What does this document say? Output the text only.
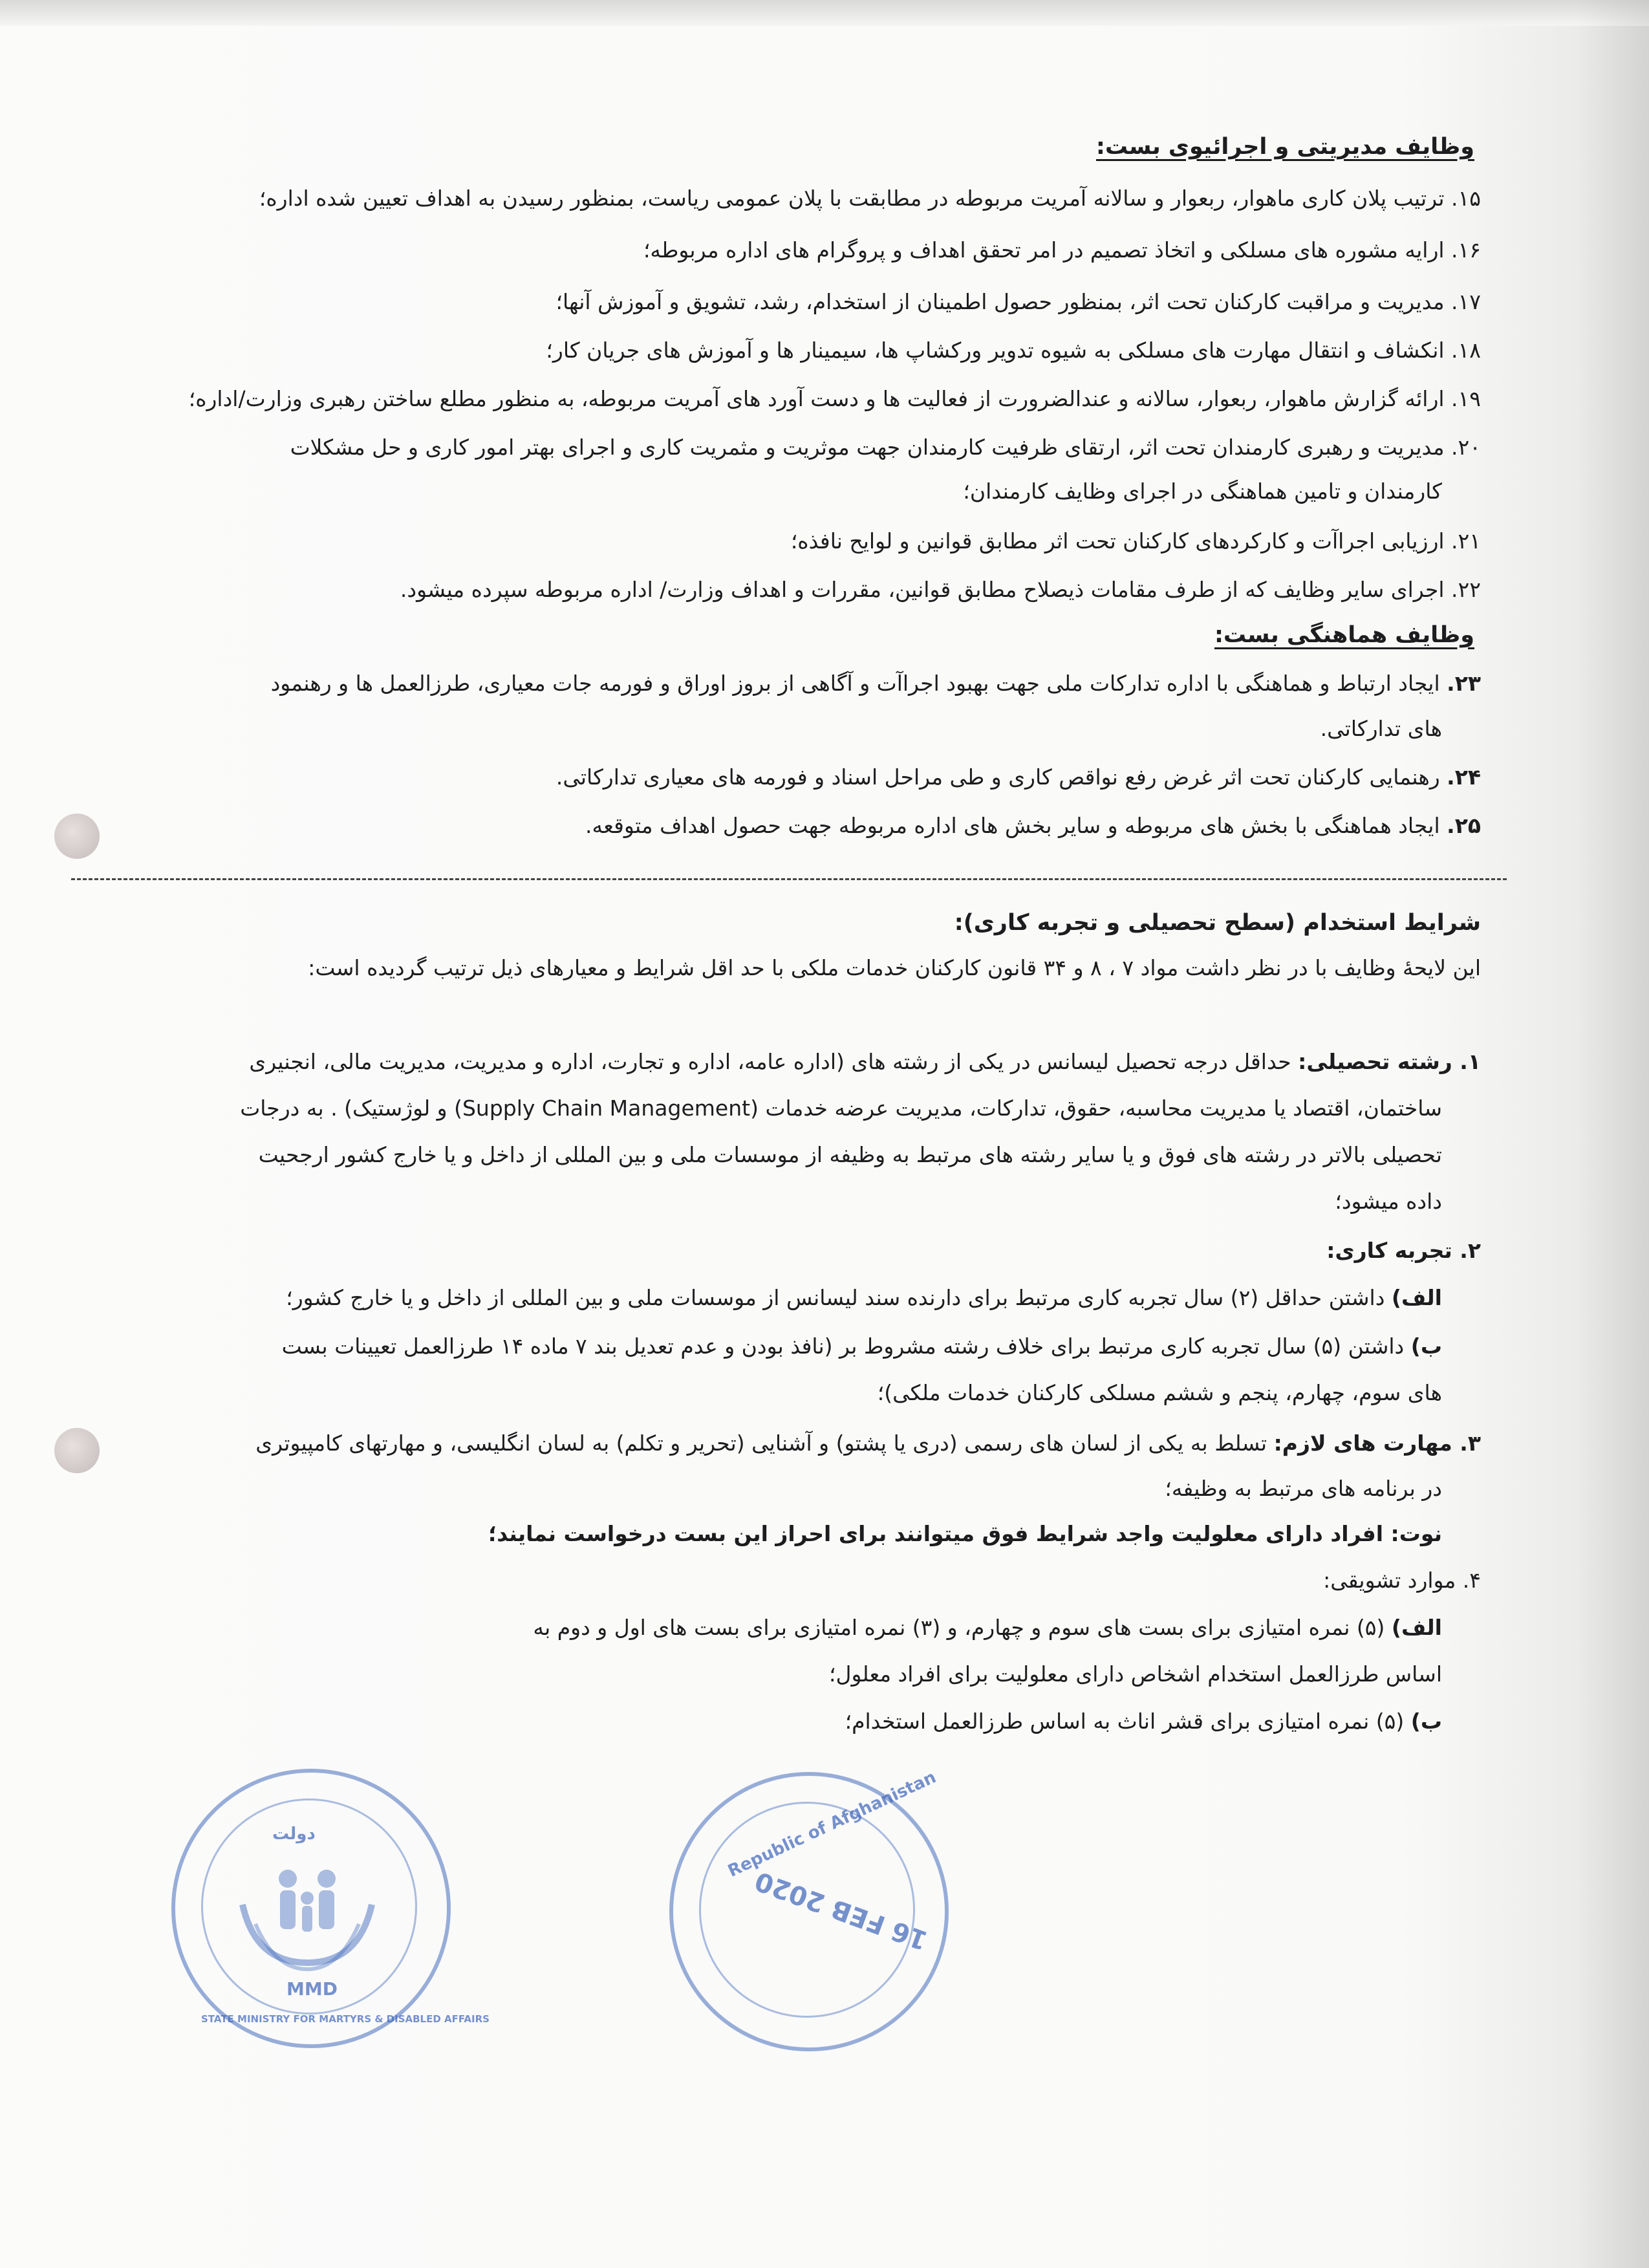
وظایف مدیریتی و اجرائیوی بست:
۱۵. ترتیب پلان کاری ماهوار، ربعوار و سالانه آمریت مربوطه در مطابقت با پلان عمومی ریاست، بمنظور رسیدن به اهداف تعیین شده اداره؛
۱۶. ارایه مشوره های مسلکی و اتخاذ تصمیم در امر تحقق اهداف و پروگرام های اداره مربوطه؛
۱۷. مدیریت و مراقبت کارکنان تحت اثر، بمنظور حصول اطمینان از استخدام، رشد، تشویق و آموزش آنها؛
۱۸. انکشاف و انتقال مهارت های مسلکی به شیوه تدویر ورکشاپ ها، سیمینار ها و آموزش های جریان کار؛
۱۹. ارائه گزارش ماهوار، ربعوار، سالانه و عندالضرورت از فعالیت ها و دست آورد های آمریت مربوطه، به منظور مطلع ساختن رهبری وزارت/اداره؛
۲۰. مدیریت و رهبری کارمندان تحت اثر، ارتقای ظرفیت کارمندان جهت موثریت و مثمریت کاری و اجرای بهتر امور کاری و حل مشکلات
کارمندان و تامین هماهنگی در اجرای وظایف کارمندان؛
۲۱. ارزیابی اجراآت و کارکردهای کارکنان تحت اثر مطابق قوانین و لوایح نافذه؛
۲۲. اجرای سایر وظایف که از طرف مقامات ذیصلاح مطابق قوانین، مقررات و اهداف وزارت/ اداره مربوطه سپرده میشود.
وظایف هماهنگی بست:
۲۳. ایجاد ارتباط و هماهنگی با اداره تدارکات ملی جهت بهبود اجراآت و آگاهی از بروز اوراق و فورمه جات معیاری، طرزالعمل ها و رهنمود
های تدارکاتی.
۲۴. رهنمایی کارکنان تحت اثر غرض رفع نواقص کاری و طی مراحل اسناد و فورمه های معیاری تدارکاتی.
۲۵. ایجاد هماهنگی با بخش های مربوطه و سایر بخش های اداره مربوطه جهت حصول اهداف متوقعه.
شرایط استخدام (سطح تحصیلی و تجربه کاری):
این لایحهٔ وظایف با در نظر داشت مواد ۷ ، ۸ و ۳۴ قانون کارکنان خدمات ملکی با حد اقل شرایط و معیارهای ذیل ترتیب گردیده است:
۱. رشته تحصیلی: حداقل درجه تحصیل لیسانس در یکی از رشته های (اداره عامه، اداره و تجارت، اداره و مدیریت، مدیریت مالی، انجنیری
ساختمان، اقتصاد یا مدیریت محاسبه، حقوق، تدارکات، مدیریت عرضه خدمات (Supply Chain Management) و لوژستیک) . به درجات
تحصیلی بالاتر در رشته های فوق و یا سایر رشته های مرتبط به وظیفه از موسسات ملی و بین المللی از داخل و یا خارج کشور ارجحیت
داده میشود؛
۲. تجربه کاری:
الف) داشتن حداقل (۲) سال تجربه کاری مرتبط برای دارنده سند لیسانس از موسسات ملی و بین المللی از داخل و یا خارج کشور؛
ب) داشتن (۵) سال تجربه کاری مرتبط برای خلاف رشته مشروط بر (نافذ بودن و عدم تعدیل بند ۷ ماده ۱۴ طرزالعمل تعیینات بست
های سوم، چهارم، پنجم و ششم مسلکی کارکنان خدمات ملکی)؛
۳. مهارت های لازم: تسلط به یکی از لسان های رسمی (دری یا پشتو) و آشنایی (تحریر و تکلم) به لسان انگلیسی، و مهارتهای کامپیوتری
در برنامه های مرتبط به وظیفه؛
نوت: افراد دارای معلولیت واجد شرایط فوق میتوانند برای احراز این بست درخواست نمایند؛
۴. موارد تشویقی:
الف) (۵) نمره امتیازی برای بست های سوم و چهارم، و (۳) نمره امتیازی برای بست های اول و دوم به
اساس طرزالعمل استخدام اشخاص دارای معلولیت برای افراد معلول؛
ب) (۵) نمره امتیازی برای قشر اناث به اساس طرزالعمل استخدام؛
دولت
MMD
STATE MINISTRY FOR MARTYRS & DISABLED AFFAIRS
Republic of Afghanistan
16 FEB 2020
